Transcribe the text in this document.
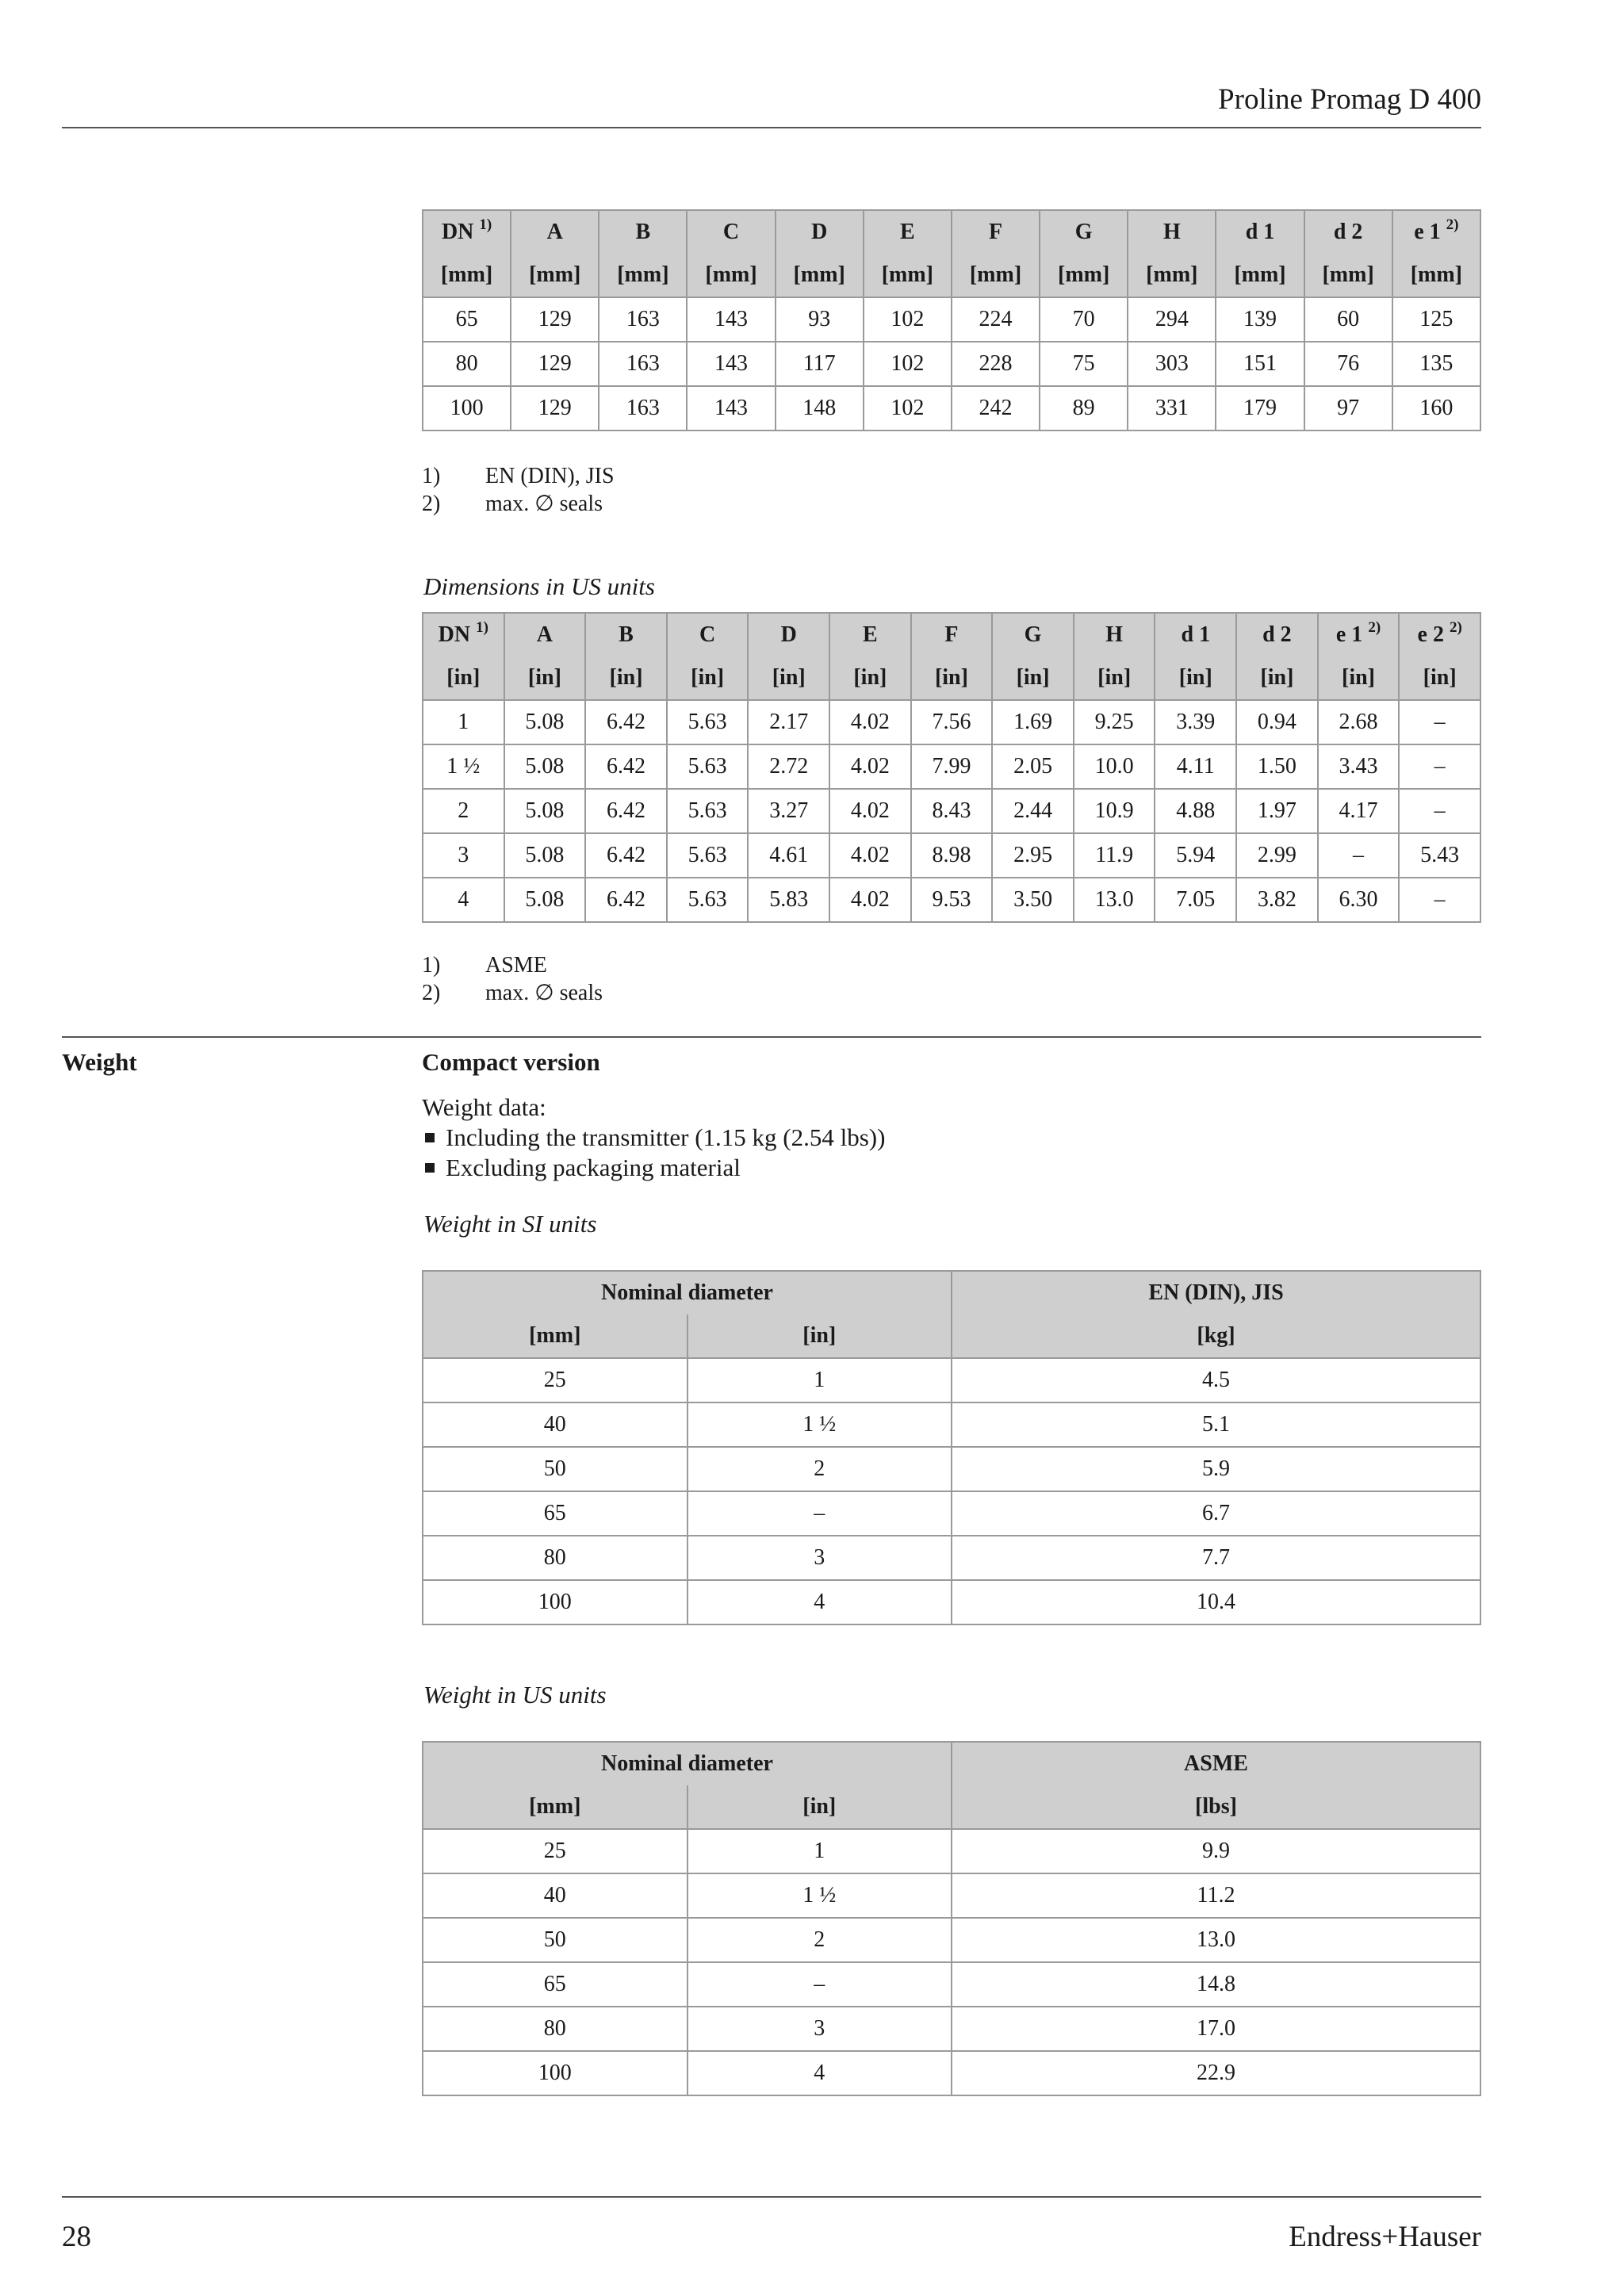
Proline Promag D 400
DN $^{1)}$	A	B	C	D	E	F	G	H	d 1	d 2	e 1 $^{2)}$
[mm]	[mm]	[mm]	[mm]	[mm]	[mm]	[mm]	[mm]	[mm]	[mm]	[mm]	[mm]
65	129	163	143	93	102	224	70	294	139	60	125
80	129	163	143	117	102	228	75	303	151	76	135
100	129	163	143	148	102	242	89	331	179	97	160
1)	EN (DIN), JIS
2)	max. ∅ seals
Dimensions in US units
DN $^{1)}$	A	B	C	D	E	F	G	H	d 1	d 2	e 1 $^{2)}$	e 2 $^{2)}$
[in]	[in]	[in]	[in]	[in]	[in]	[in]	[in]	[in]	[in]	[in]	[in]	[in]
1	5.08	6.42	5.63	2.17	4.02	7.56	1.69	9.25	3.39	0.94	2.68	–
1 ½	5.08	6.42	5.63	2.72	4.02	7.99	2.05	10.0	4.11	1.50	3.43	–
2	5.08	6.42	5.63	3.27	4.02	8.43	2.44	10.9	4.88	1.97	4.17	–
3	5.08	6.42	5.63	4.61	4.02	8.98	2.95	11.9	5.94	2.99	–	5.43
4	5.08	6.42	5.63	5.83	4.02	9.53	3.50	13.0	7.05	3.82	6.30	–
1)	ASME
2)	max. ∅ seals
Weight	Compact version
Weight data:
Including the transmitter (1.15 kg (2.54 lbs))
Excluding packaging material
Weight in SI units
Nominal diameter		EN (DIN), JIS
[mm]	[in]	[kg]
25	1	4.5
40	1 ½	5.1
50	2	5.9
65	–	6.7
80	3	7.7
100	4	10.4
Weight in US units
Nominal diameter		ASME
[mm]	[in]	[lbs]
25	1	9.9
40	1 ½	11.2
50	2	13.0
65	–	14.8
80	3	17.0
100	4	22.9
28	Endress+Hauser
